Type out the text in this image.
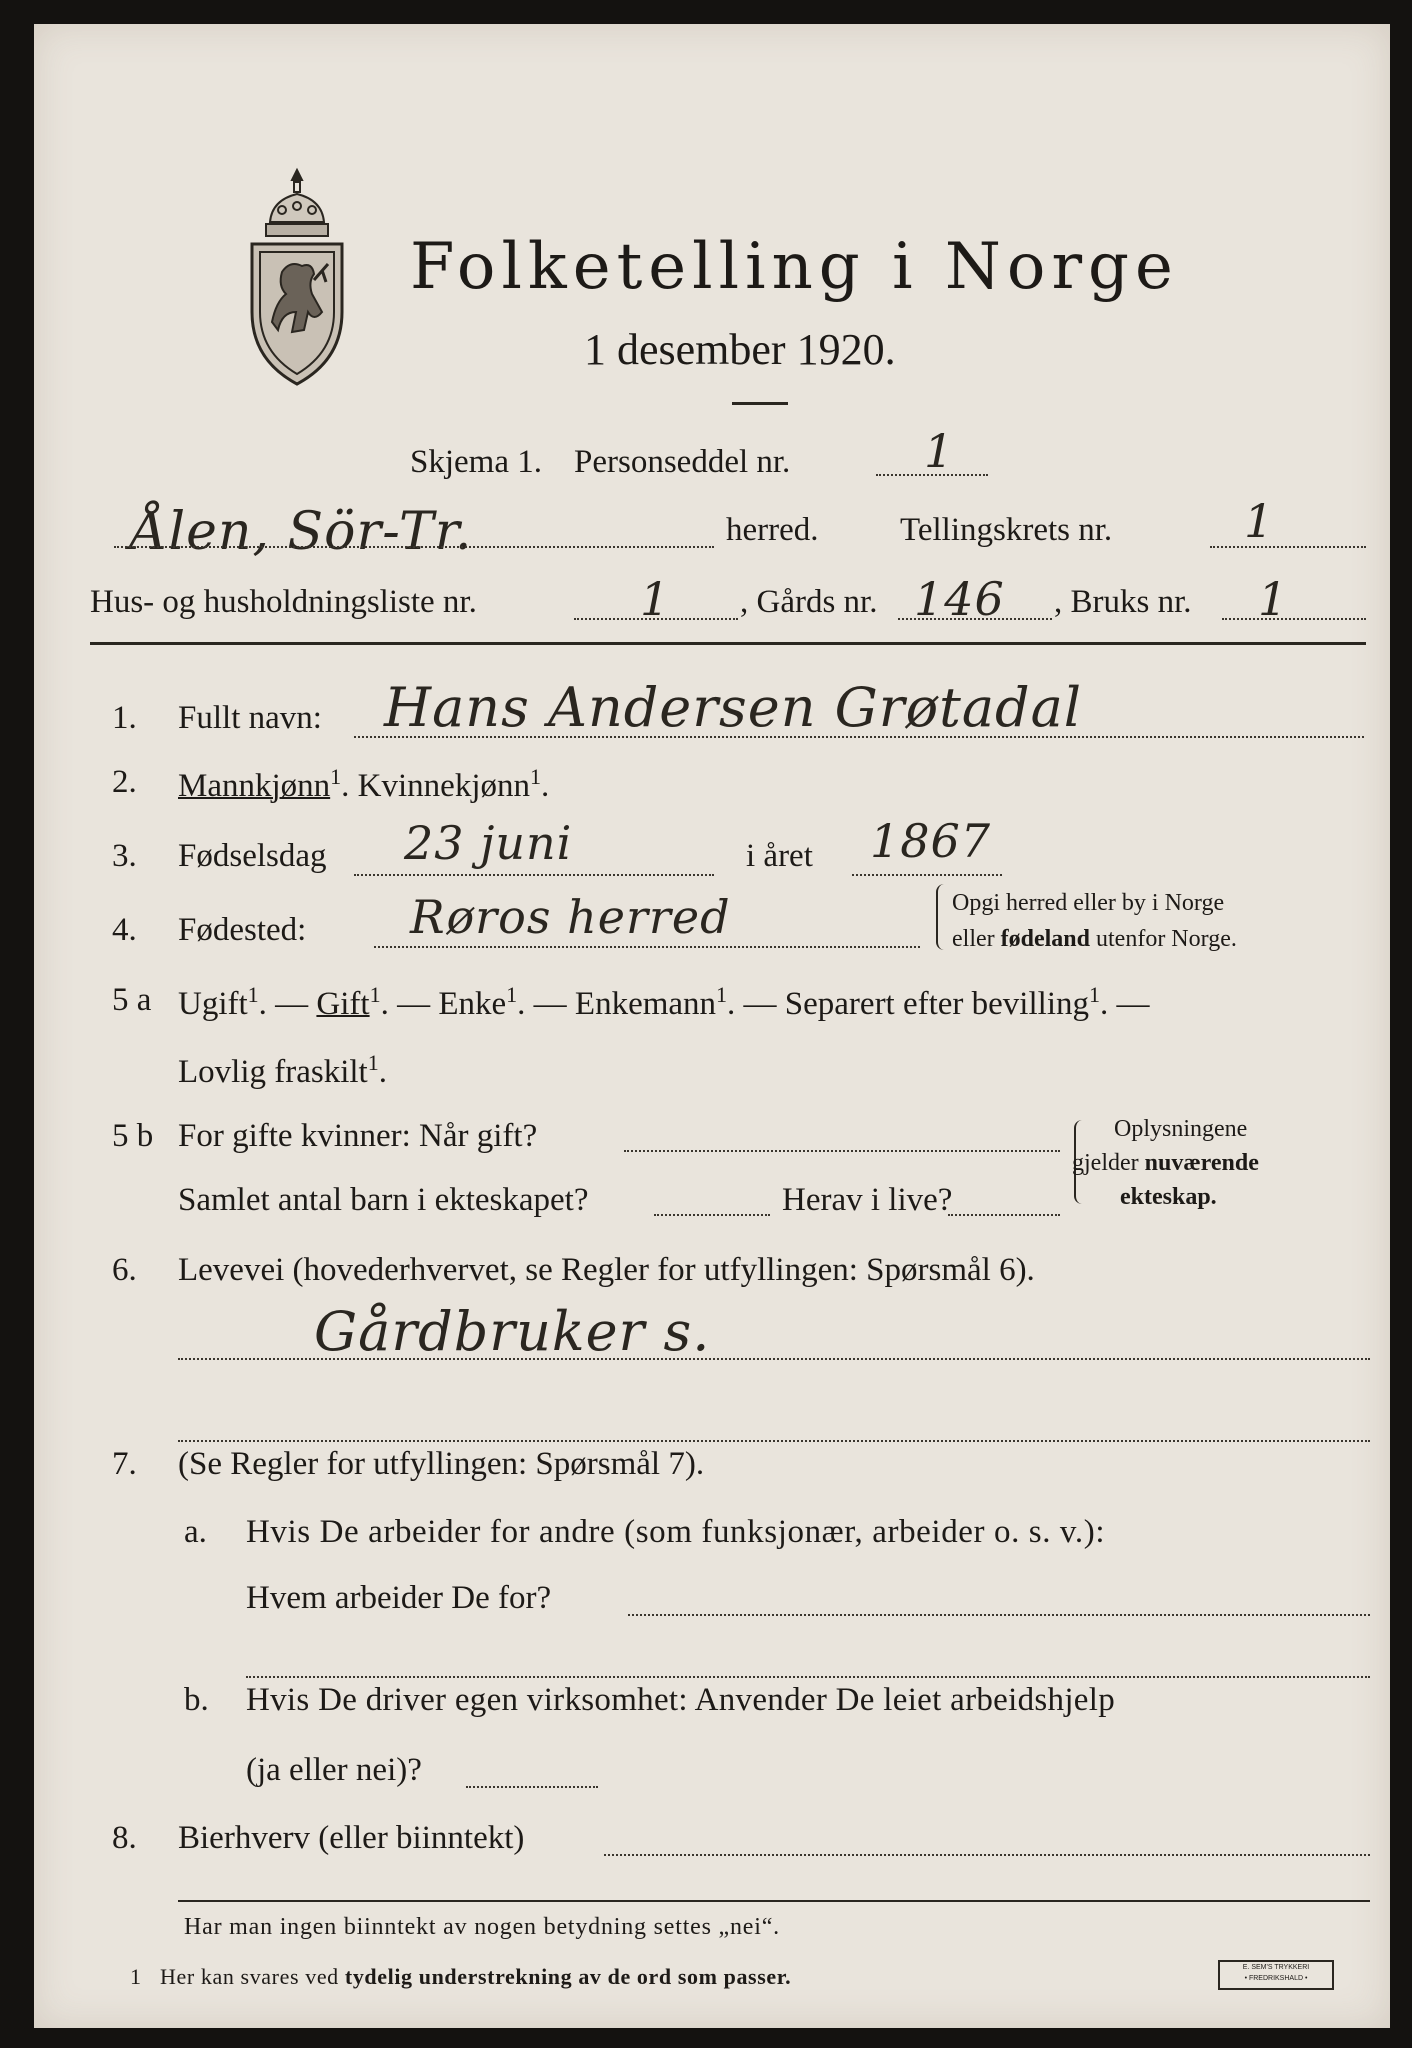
Folketelling i Norge
1 desember 1920.
Skjema 1. Personseddel nr.	1
Ålen, Sör-Tr.	herred. Tellingskrets nr.	1
Hus- og husholdningsliste nr.	1 , Gårds nr. 146 , Bruks nr. 1
1. Fullt navn: Hans Andersen Grøtadal
2. Mannkjønn$^1$. Kvinnekjønn$^1$.
3. Fødselsdag 23 juni	i året 1867
4. Fødested: Røros herred	Opgi herred eller by i Norge
eller fødeland utenfor Norge.
5 a Ugift$^1$. — Gift$^1$. — Enke$^1$. — Enkemann$^1$. — Separert efter bevilling$^1$. —
Lovlig fraskilt$^1$.
5 b For gifte kvinner: Når gift?
Samlet antal barn i ekteskapet?	Herav i live?
Oplysningene
gjelder nuværende
ekteskap.
6. Levevei (hovederhvervet, se Regler for utfyllingen: Spørsmål 6).
Gårdbruker s.
7. (Se Regler for utfyllingen: Spørsmål 7).
a. Hvis De arbeider for andre (som funksjonær, arbeider o. s. v.):
Hvem arbeider De for?
b. Hvis De driver egen virksomhet: Anvender De leiet arbeidshjelp
(ja eller nei)?
8. Bierhverv (eller biinntekt)
Har man ingen biinntekt av nogen betydning settes „nei“.
1 Her kan svares ved tydelig understrekning av de ord som passer.	E. SEM'S TRYKKERI
• FREDRIKSHALD •
